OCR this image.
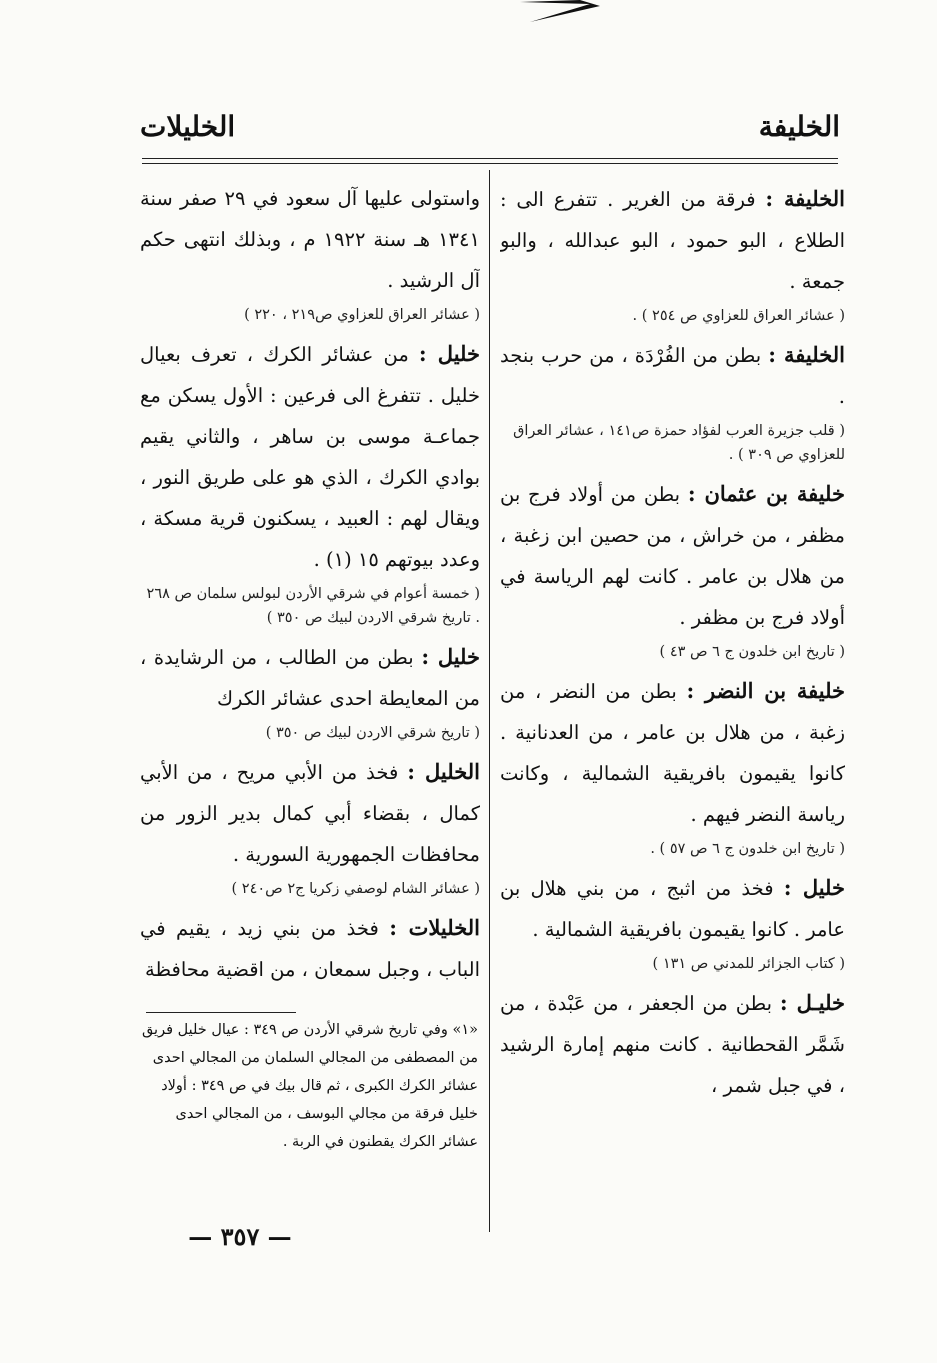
الخليفة
الخليلات

الخليفة : فرقة من الغرير . تتفرع الى : الطلاع ، البو حمود ، البو عبدالله ، والبو جمعة .

( عشائر العراق للعزاوي ص ٢٥٤ ) .

الخليفة : بطن من الفُرْدَة ، من حرب بنجد .

( قلب جزيرة العرب لفؤاد حمزة ص١٤١ ، عشائر العراق للعزاوي ص ٣٠٩ ) .

خليفة بن عثمان : بطن من أولاد فرج بن مظفر ، من خراش ، من حصين ابن زغبة ، من هلال بن عامر . كانت لهم الرياسة في أولاد فرج بن مظفر .

( تاريخ ابن خلدون ج ٦ ص ٤٣ )

خليفة بن النضر : بطن من النضر ، من زغبة ، من هلال بن عامر ، من العدنانية . كانوا يقيمون بافريقية الشمالية ، وكانت رياسة النضر فيهم .

( تاريخ ابن خلدون ج ٦ ص ٥٧ ) .

خليل : فخذ من اثبج ، من بني هلال بن عامر . كانوا يقيمون بافريقية الشمالية .

( كتاب الجزائر للمدني ص ١٣١ )

خليـل : بطن من الجعفر ، من عَبْدة ، من شَمَّر القحطانية . كانت منهم إمارة الرشيد ، في جبل شمر ،

واستولى عليها آل سعود في ٢٩ صفر سنة ١٣٤١ هـ سنة ١٩٢٢ م ، وبذلك انتهى حكم آل الرشيد .

( عشائر العراق للعزاوي ص٢١٩ ، ٢٢٠ )

خليل : من عشائر الكرك ، تعرف بعيال خليل . تتفرغ الى فرعين : الأول يسكن مع جماعـة موسى بن ساهر ، والثاني يقيم بوادي الكرك ، الذي هو على طريق النور ، ويقال لهم : العبيد ، يسكنون قرية مسكة ، وعدد بيوتهم ١٥ (١) .

( خمسة أعوام في شرقي الأردن لبولس سلمان ص ٢٦٨ . تاريخ شرقي الاردن لبيك ص ٣٥٠ )

خليل : بطن من الطالب ، من الرشايدة ، من المعايطة احدى عشائر الكرك

( تاريخ شرقي الاردن لبيك ص ٣٥٠ )

الخليل : فخذ من الأبي مريح ، من الأبي كمال ، بقضاء أبي كمال بدير الزور من محافظات الجمهورية السورية .

( عشائر الشام لوصفي زكريا ج٢ ص٢٤٠ )

الخليلات : فخذ من بني زيد ، يقيم في الباب ، وجبل سمعان ، من اقضية محافظة

«١» وفي تاريخ شرقي الأردن ص ٣٤٩ : عيال خليل فريق من المصطفى من المجالي السلمان من المجالي احدى عشائر الكرك الكبرى ، ثم قال بيك في ص ٣٤٩ : أولاد خليل فرقة من مجالي البوسف ، من المجالي احدى عشائر الكرك يقطنون في الربة .

— ٣٥٧ —
